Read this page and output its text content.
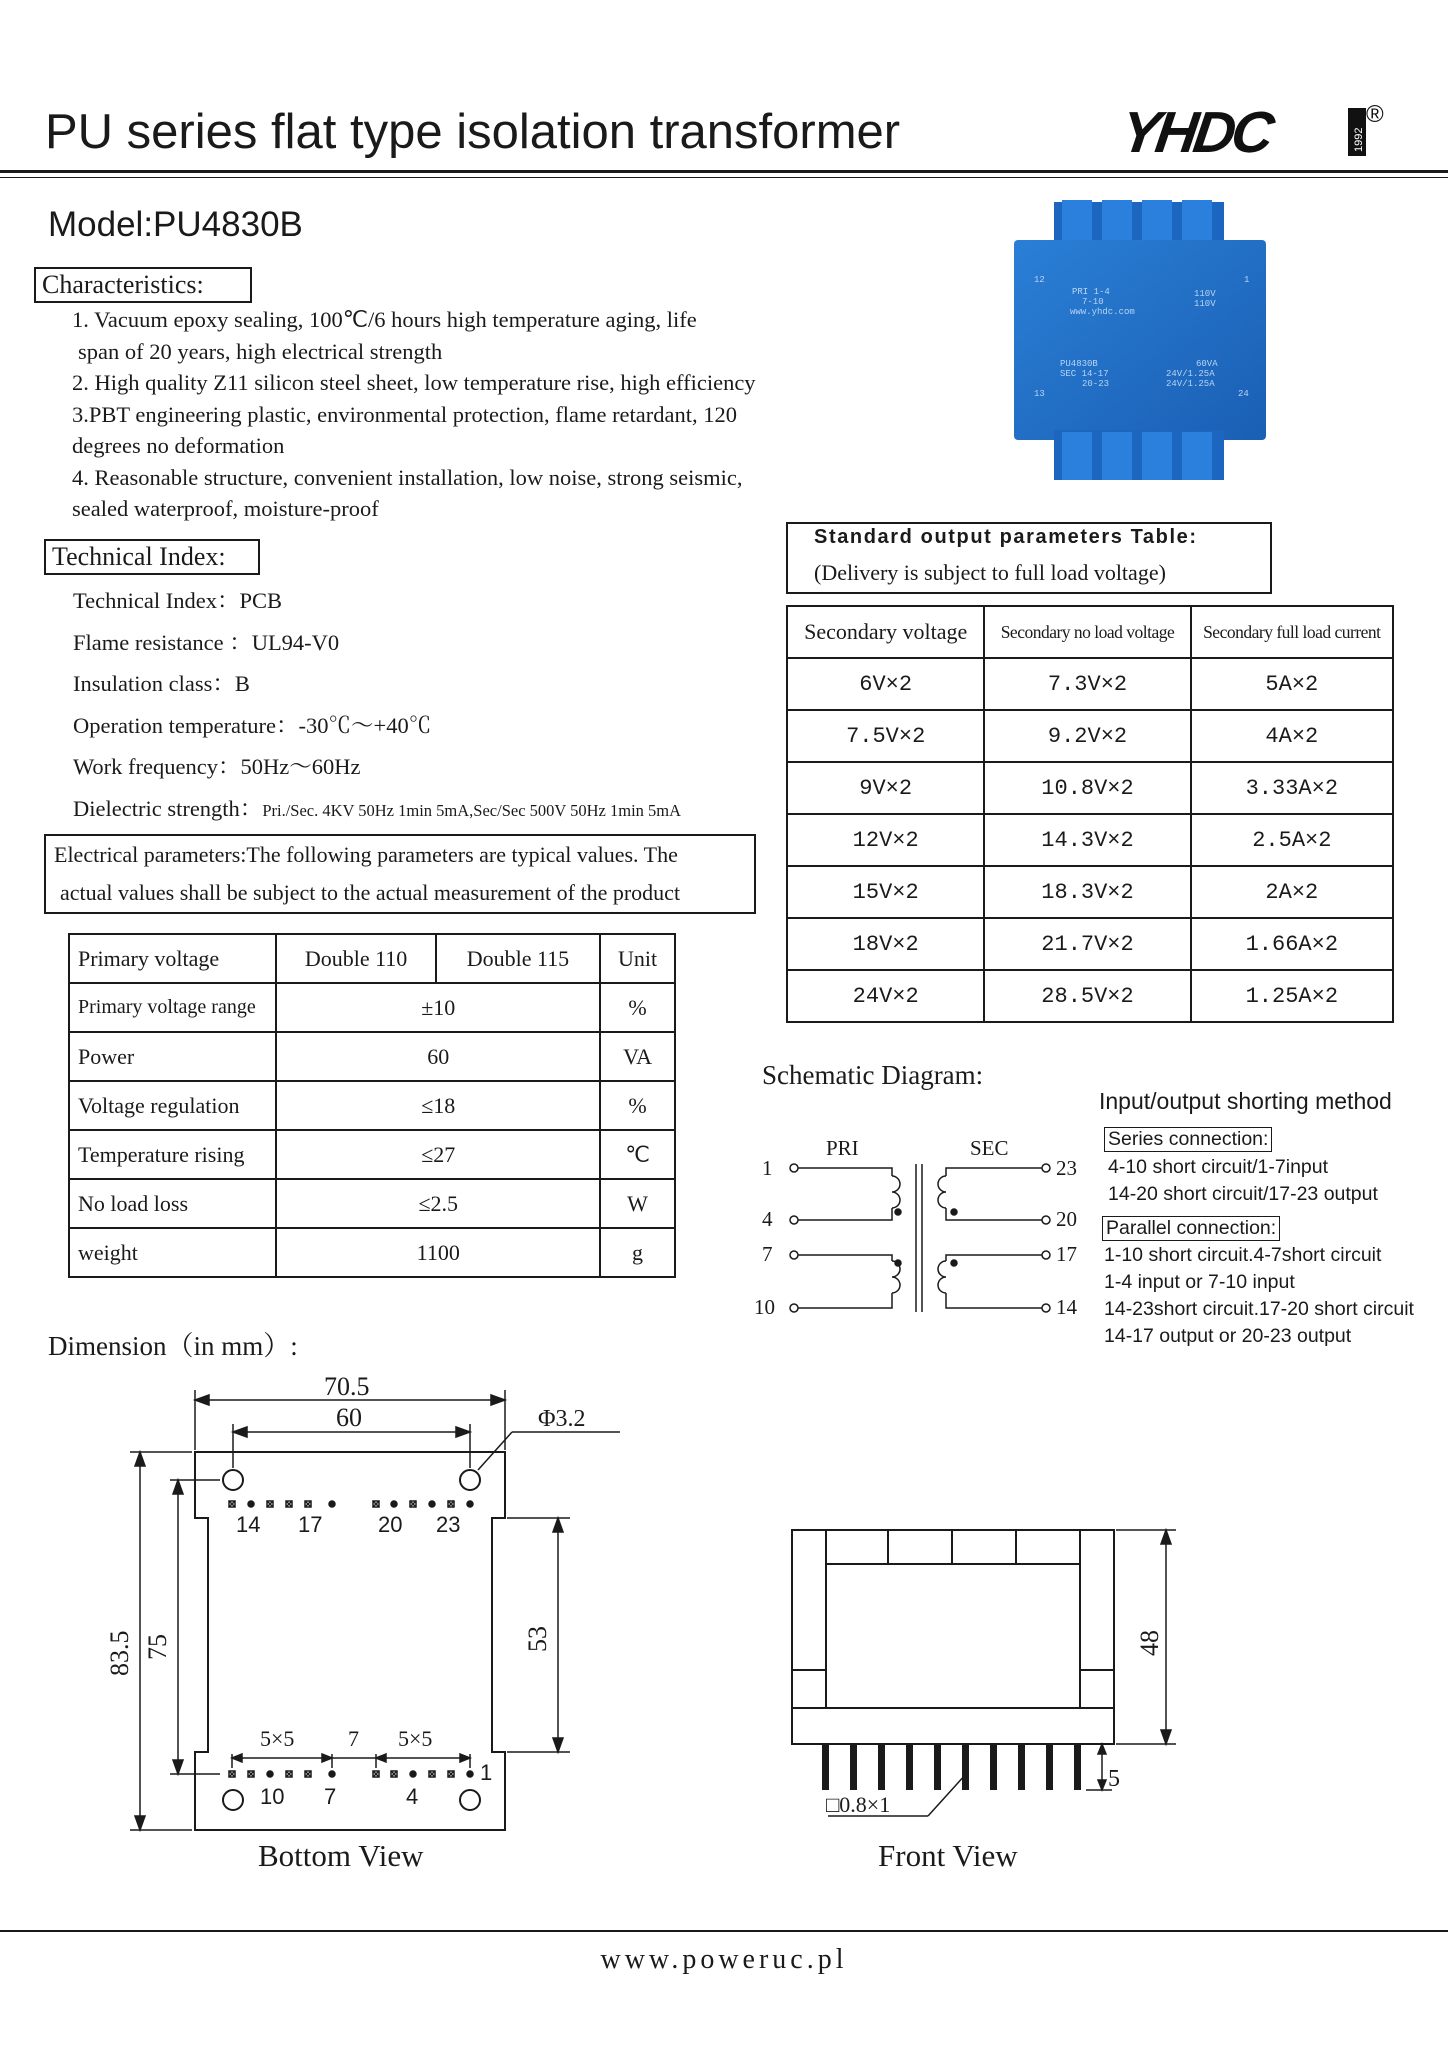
PU series flat type isolation transformer	YHDC	1992
®
Model:PU4830B
12	1
13	24
PRI 1-4
7-10
www.yhdc.com
110V
110V
PU4830B
SEC 14-17
20-23
60VA
24V/1.25A
24V/1.25A
Characteristics:
1. Vacuum epoxy sealing, 100℃/6 hours high temperature aging, life
span of 20 years, high electrical strength
2. High quality Z11 silicon steel sheet, low temperature rise, high efficiency
3.PBT engineering plastic, environmental protection, flame retardant, 120
degrees no deformation
4. Reasonable structure, convenient installation, low noise, strong seismic,
sealed waterproof, moisture-proof
Technical Index:
Technical Index：PCB
Flame resistance ：UL94-V0
Insulation class：B
Operation temperature：-30℃～+40℃
Work frequency：50Hz～60Hz
Dielectric strength：Pri./Sec. 4KV 50Hz 1min 5mA,Sec/Sec 500V 50Hz 1min 5mA
Electrical parameters:The following parameters are typical values. The
actual values shall be subject to the actual measurement of the product
Primary voltage	Double 110	Double 115	Unit
Primary voltage range	±10		%
Power	60		VA
Voltage regulation	≤18		%
Temperature rising	≤27		℃
No load loss	≤2.5		W
weight	1100		g
Standard output parameters Table:
(Delivery is subject to full load voltage)
Secondary voltage	Secondary no load voltage	Secondary full load current
6V×2	7.3V×2	5A×2
7.5V×2	9.2V×2	4A×2
9V×2	10.8V×2	3.33A×2
12V×2	14.3V×2	2.5A×2
15V×2	18.3V×2	2A×2
18V×2	21.7V×2	1.66A×2
24V×2	28.5V×2	1.25A×2
Schematic Diagram:
PRI	SEC
1
4
7
10
23
20
17
14
Input/output shorting method
Series connection:
4-10 short circuit/1-7input
14-20 short circuit/17-23 output
Parallel connection:
1-10 short circuit.4-7short circuit
1-4 input or 7-10 input
14-23short circuit.17-20 short circuit
14-17 output or 20-23 output
Dimension（in mm）:
14 17	20 23
10 7	4
1
70.5
60	Φ3.2
5×5 7 5×5
83.5 75	53
Bottom View
48
5
□0.8×1
Front View
www.poweruc.pl
